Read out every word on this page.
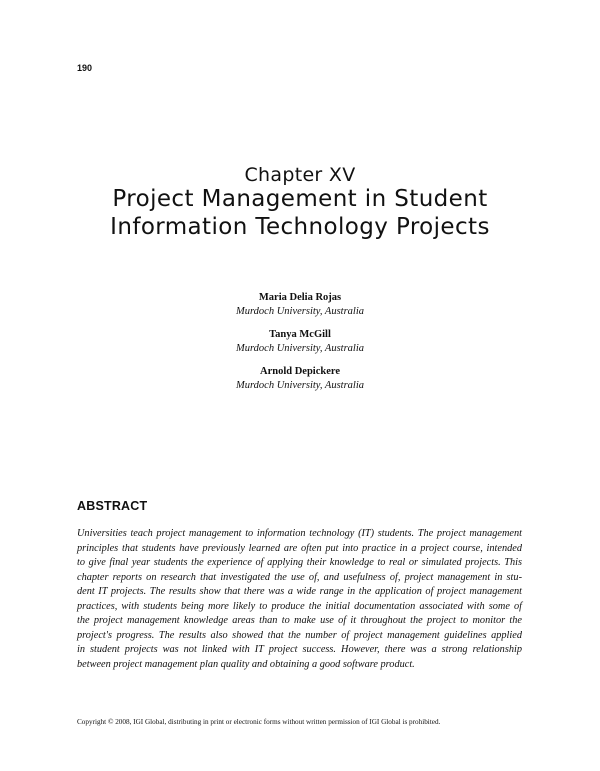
190
Chapter XV
Project Management in Student Information Technology Projects
Maria Delia Rojas
Murdoch University, Australia
Tanya McGill
Murdoch University, Australia
Arnold Depickere
Murdoch University, Australia
ABSTRACT
Universities teach project management to information technology (IT) students. The project management
principles that students have previously learned are often put into practice in a project course, intended
to give final year students the experience of applying their knowledge to real or simulated projects. This
chapter reports on research that investigated the use of, and usefulness of, project management in stu-
dent IT projects. The results show that there was a wide range in the application of project management
practices, with students being more likely to produce the initial documentation associated with some of
the project management knowledge areas than to make use of it throughout the project to monitor the
project's progress. The results also showed that the number of project management guidelines applied
in student projects was not linked with IT project success. However, there was a strong relationship
between project management plan quality and obtaining a good software product.
Copyright © 2008, IGI Global, distributing in print or electronic forms without written permission of IGI Global is prohibited.
